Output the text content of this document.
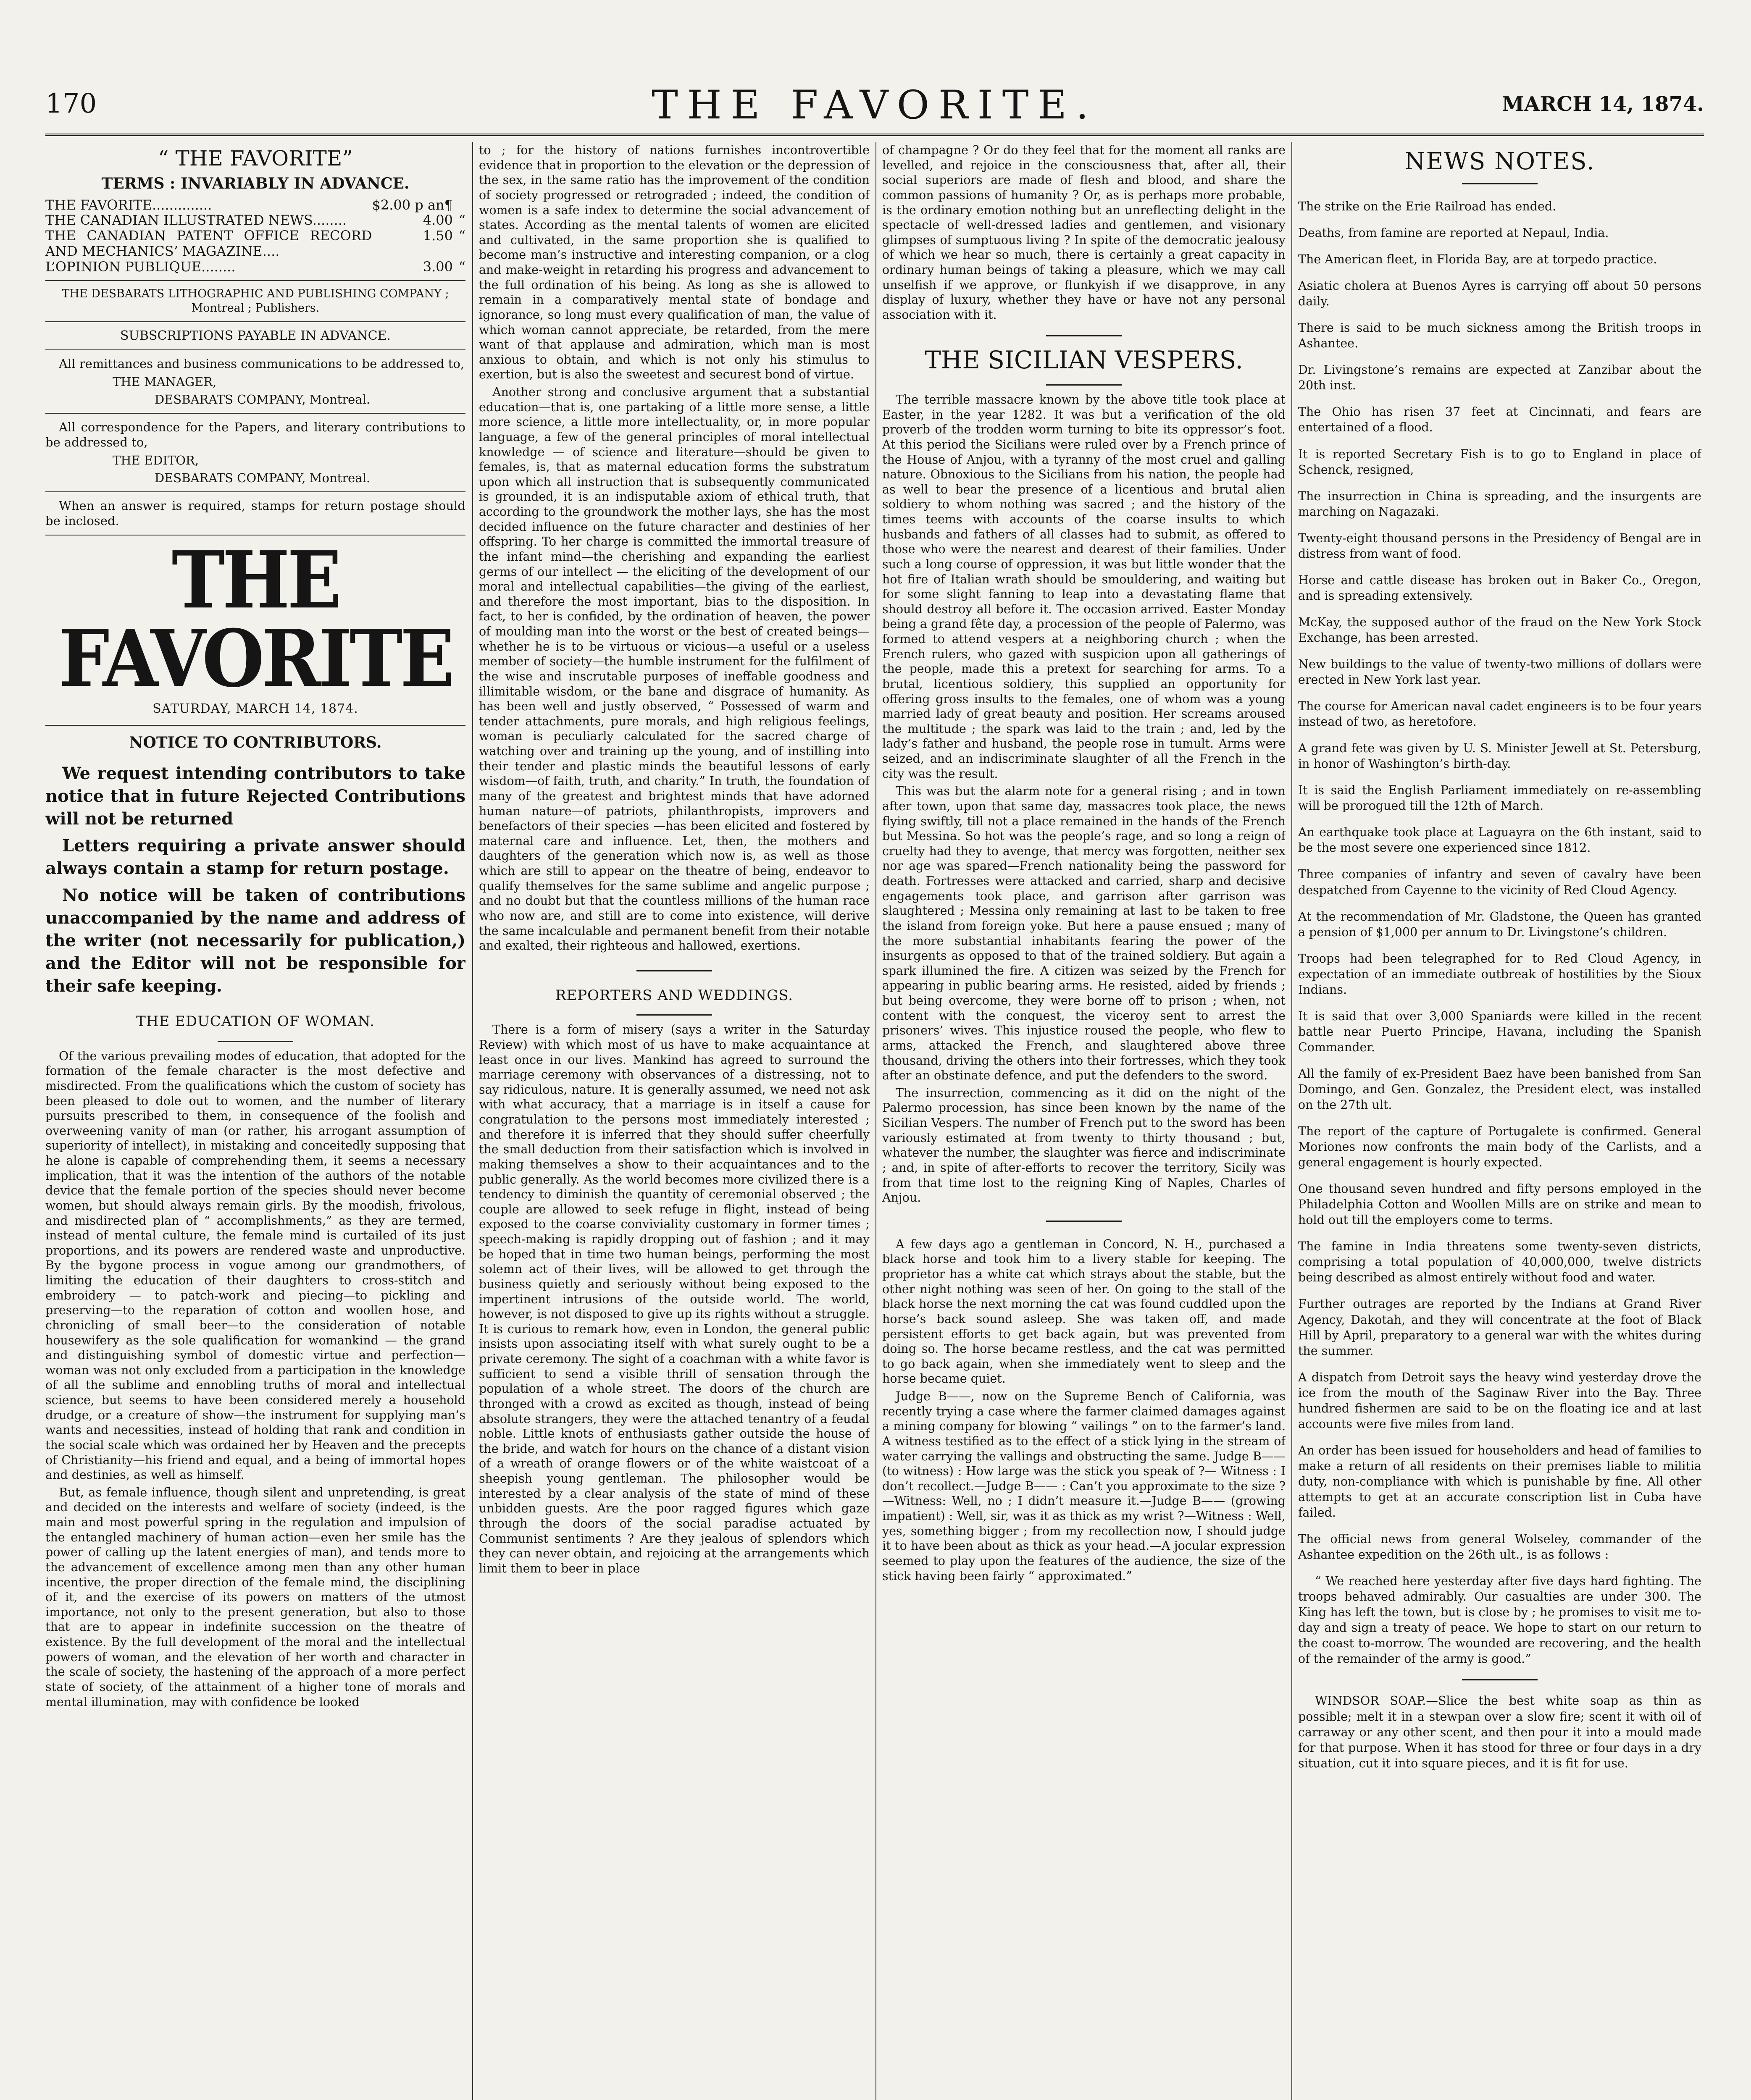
170	THE FAVORITE.	MARCH 14, 1874.
“ THE FAVORITE”
TERMS : INVARIABLY IN ADVANCE.
THE FAVORITE..............	$2.00 p an¶	
THE CANADIAN ILLUSTRATED NEWS........	4.00	“
THE CANADIAN PATENT OFFICE RECORD AND MECHANICS’ MAGAZINE....	1.50	“
L’OPINION PUBLIQUE........	3.00	“
THE DESBARATS LITHOGRAPHIC AND PUBLISHING COMPANY ; Montreal ; Publishers.
SUBSCRIPTIONS PAYABLE IN ADVANCE.

All remittances and business communications to be addressed to,

THE MANAGER,

DESBARATS COMPANY, Montreal.

All correspondence for the Papers, and literary contributions to be addressed to,

THE EDITOR,

DESBARATS COMPANY, Montreal.

When an answer is required, stamps for return postage should be inclosed.

THE FAVORITE
SATURDAY, MARCH 14, 1874.
NOTICE TO CONTRIBUTORS.

We request intending contributors to take notice that in future Rejected Contributions will not be returned

Letters requiring a private answer should always contain a stamp for return postage.

No notice will be taken of contributions unaccompanied by the name and address of the writer (not necessarily for publication,) and the Editor will not be responsible for their safe keeping.

THE EDUCATION OF WOMAN.

Of the various prevailing modes of education, that adopted for the formation of the female character is the most defective and misdirected. From the qualifications which the custom of society has been pleased to dole out to women, and the number of literary pursuits prescribed to them, in consequence of the foolish and overweening vanity of man (or rather, his arrogant assumption of superiority of intellect), in mistaking and conceitedly supposing that he alone is capable of comprehending them, it seems a necessary implication, that it was the intention of the authors of the notable device that the female portion of the species should never become women, but should always remain girls. By the moodish, frivolous, and misdirected plan of “ accomplishments,” as they are termed, instead of mental culture, the female mind is curtailed of its just proportions, and its powers are rendered waste and unproductive. By the bygone process in vogue among our grandmothers, of limiting the education of their daughters to cross-stitch and embroidery — to patch-work and piecing—to pickling and preserving—to the reparation of cotton and woollen hose, and chronicling of small beer—to the consideration of notable housewifery as the sole qualification for womankind — the grand and distinguishing symbol of domestic virtue and perfection—woman was not only excluded from a participation in the knowledge of all the sublime and ennobling truths of moral and intellectual science, but seems to have been considered merely a household drudge, or a creature of show—the instrument for supplying man’s wants and necessities, instead of holding that rank and condition in the social scale which was ordained her by Heaven and the precepts of Christianity—his friend and equal, and a being of immortal hopes and destinies, as well as himself.

But, as female influence, though silent and unpretending, is great and decided on the interests and welfare of society (indeed, is the main and most powerful spring in the regulation and impulsion of the entangled machinery of human action—even her smile has the power of calling up the latent energies of man), and tends more to the advancement of excellence among men than any other human incentive, the proper direction of the female mind, the disciplining of it, and the exercise of its powers on matters of the utmost importance, not only to the present generation, but also to those that are to appear in indefinite succession on the theatre of existence. By the full development of the moral and the intellectual powers of woman, and the elevation of her worth and character in the scale of society, the hastening of the approach of a more perfect state of society, of the attainment of a higher tone of morals and mental illumination, may with confidence be looked

to ; for the history of nations furnishes incontrovertible evidence that in proportion to the elevation or the depression of the sex, in the same ratio has the improvement of the condition of society progressed or retrograded ; indeed, the condition of women is a safe index to determine the social advancement of states. According as the mental talents of women are elicited and cultivated, in the same proportion she is qualified to become man’s instructive and interesting companion, or a clog and make-weight in retarding his progress and advancement to the full ordination of his being. As long as she is allowed to remain in a comparatively mental state of bondage and ignorance, so long must every qualification of man, the value of which woman cannot appreciate, be retarded, from the mere want of that applause and admiration, which man is most anxious to obtain, and which is not only his stimulus to exertion, but is also the sweetest and securest bond of virtue.

Another strong and conclusive argument that a substantial education—that is, one partaking of a little more sense, a little more science, a little more intellectuality, or, in more popular language, a few of the general principles of moral intellectual knowledge — of science and literature—should be given to females, is, that as maternal education forms the substratum upon which all instruction that is subsequently communicated is grounded, it is an indisputable axiom of ethical truth, that according to the groundwork the mother lays, she has the most decided influence on the future character and destinies of her offspring. To her charge is committed the immortal treasure of the infant mind—the cherishing and expanding the earliest germs of our intellect — the eliciting of the development of our moral and intellectual capabilities—the giving of the earliest, and therefore the most important, bias to the disposition. In fact, to her is confided, by the ordination of heaven, the power of moulding man into the worst or the best of created beings—whether he is to be virtuous or vicious—a useful or a useless member of society—the humble instrument for the fulfilment of the wise and inscrutable purposes of ineffable goodness and illimitable wisdom, or the bane and disgrace of humanity. As has been well and justly observed, “ Possessed of warm and tender attachments, pure morals, and high religious feelings, woman is peculiarly calculated for the sacred charge of watching over and training up the young, and of instilling into their tender and plastic minds the beautiful lessons of early wisdom—of faith, truth, and charity.” In truth, the foundation of many of the greatest and brightest minds that have adorned human nature—of patriots, philanthropists, improvers and benefactors of their species —has been elicited and fostered by maternal care and influence. Let, then, the mothers and daughters of the generation which now is, as well as those which are still to appear on the theatre of being, endeavor to qualify themselves for the same sublime and angelic purpose ; and no doubt but that the countless millions of the human race who now are, and still are to come into existence, will derive the same incalculable and permanent benefit from their notable and exalted, their righteous and hallowed, exertions.

REPORTERS AND WEDDINGS.

There is a form of misery (says a writer in the Saturday Review) with which most of us have to make acquaintance at least once in our lives. Mankind has agreed to surround the marriage ceremony with observances of a distressing, not to say ridiculous, nature. It is generally assumed, we need not ask with what accuracy, that a marriage is in itself a cause for congratulation to the persons most immediately interested ; and therefore it is inferred that they should suffer cheerfully the small deduction from their satisfaction which is involved in making themselves a show to their acquaintances and to the public generally. As the world becomes more civilized there is a tendency to diminish the quantity of ceremonial observed ; the couple are allowed to seek refuge in flight, instead of being exposed to the coarse conviviality customary in former times ; speech-making is rapidly dropping out of fashion ; and it may be hoped that in time two human beings, performing the most solemn act of their lives, will be allowed to get through the business quietly and seriously without being exposed to the impertinent intrusions of the outside world. The world, however, is not disposed to give up its rights without a struggle. It is curious to remark how, even in London, the general public insists upon associating itself with what surely ought to be a private ceremony. The sight of a coachman with a white favor is sufficient to send a visible thrill of sensation through the population of a whole street. The doors of the church are thronged with a crowd as excited as though, instead of being absolute strangers, they were the attached tenantry of a feudal noble. Little knots of enthusiasts gather outside the house of the bride, and watch for hours on the chance of a distant vision of a wreath of orange flowers or of the white waistcoat of a sheepish young gentleman. The philosopher would be interested by a clear analysis of the state of mind of these unbidden guests. Are the poor ragged figures which gaze through the doors of the social paradise actuated by Communist sentiments ? Are they jealous of splendors which they can never obtain, and rejoicing at the arrangements which limit them to beer in place

of champagne ? Or do they feel that for the moment all ranks are levelled, and rejoice in the consciousness that, after all, their social superiors are made of flesh and blood, and share the common passions of humanity ? Or, as is perhaps more probable, is the ordinary emotion nothing but an unreflecting delight in the spectacle of well-dressed ladies and gentlemen, and visionary glimpses of sumptuous living ? In spite of the democratic jealousy of which we hear so much, there is certainly a great capacity in ordinary human beings of taking a pleasure, which we may call unselfish if we approve, or flunkyish if we disapprove, in any display of luxury, whether they have or have not any personal association with it.

THE SICILIAN VESPERS.

The terrible massacre known by the above title took place at Easter, in the year 1282. It was but a verification of the old proverb of the trodden worm turning to bite its oppressor’s foot. At this period the Sicilians were ruled over by a French prince of the House of Anjou, with a tyranny of the most cruel and galling nature. Obnoxious to the Sicilians from his nation, the people had as well to bear the presence of a licentious and brutal alien soldiery to whom nothing was sacred ; and the history of the times teems with accounts of the coarse insults to which husbands and fathers of all classes had to submit, as offered to those who were the nearest and dearest of their families. Under such a long course of oppression, it was but little wonder that the hot fire of Italian wrath should be smouldering, and waiting but for some slight fanning to leap into a devastating flame that should destroy all before it. The occasion arrived. Easter Monday being a grand fête day, a procession of the people of Palermo, was formed to attend vespers at a neighboring church ; when the French rulers, who gazed with suspicion upon all gatherings of the people, made this a pretext for searching for arms. To a brutal, licentious soldiery, this supplied an opportunity for offering gross insults to the females, one of whom was a young married lady of great beauty and position. Her screams aroused the multitude ; the spark was laid to the train ; and, led by the lady’s father and husband, the people rose in tumult. Arms were seized, and an indiscriminate slaughter of all the French in the city was the result.

This was but the alarm note for a general rising ; and in town after town, upon that same day, massacres took place, the news flying swiftly, till not a place remained in the hands of the French but Messina. So hot was the people’s rage, and so long a reign of cruelty had they to avenge, that mercy was forgotten, neither sex nor age was spared—French nationality being the password for death. Fortresses were attacked and carried, sharp and decisive engagements took place, and garrison after garrison was slaughtered ; Messina only remaining at last to be taken to free the island from foreign yoke. But here a pause ensued ; many of the more substantial inhabitants fearing the power of the insurgents as opposed to that of the trained soldiery. But again a spark illumined the fire. A citizen was seized by the French for appearing in public bearing arms. He resisted, aided by friends ; but being overcome, they were borne off to prison ; when, not content with the conquest, the viceroy sent to arrest the prisoners’ wives. This injustice roused the people, who flew to arms, attacked the French, and slaughtered above three thousand, driving the others into their fortresses, which they took after an obstinate defence, and put the defenders to the sword.

The insurrection, commencing as it did on the night of the Palermo procession, has since been known by the name of the Sicilian Vespers. The number of French put to the sword has been variously estimated at from twenty to thirty thousand ; but, whatever the number, the slaughter was fierce and indiscriminate ; and, in spite of after-efforts to recover the territory, Sicily was from that time lost to the reigning King of Naples, Charles of Anjou.

A few days ago a gentleman in Concord, N. H., purchased a black horse and took him to a livery stable for keeping. The proprietor has a white cat which strays about the stable, but the other night nothing was seen of her. On going to the stall of the black horse the next morning the cat was found cuddled upon the horse’s back sound asleep. She was taken off, and made persistent efforts to get back again, but was prevented from doing so. The horse became restless, and the cat was permitted to go back again, when she immediately went to sleep and the horse became quiet.

Judge B——, now on the Supreme Bench of California, was recently trying a case where the farmer claimed damages against a mining company for blowing “ vailings ” on to the farmer’s land. A witness testified as to the effect of a stick lying in the stream of water carrying the vallings and obstructing the same. Judge B—— (to witness) : How large was the stick you speak of ?— Witness : I don’t recollect.—Judge B—— : Can’t you approximate to the size ?—Witness: Well, no ; I didn’t measure it.—Judge B—— (growing impatient) : Well, sir, was it as thick as my wrist ?—Witness : Well, yes, something bigger ; from my recollection now, I should judge it to have been about as thick as your head.—A jocular expression seemed to play upon the features of the audience, the size of the stick having been fairly “ approximated.”

NEWS NOTES.

The strike on the Erie Railroad has ended.

Deaths, from famine are reported at Nepaul, India.

The American fleet, in Florida Bay, are at torpedo practice.

Asiatic cholera at Buenos Ayres is carrying off about 50 persons daily.

There is said to be much sickness among the British troops in Ashantee.

Dr. Livingstone’s remains are expected at Zanzibar about the 20th inst.

The Ohio has risen 37 feet at Cincinnati, and fears are entertained of a flood.

It is reported Secretary Fish is to go to England in place of Schenck, resigned,

The insurrection in China is spreading, and the insurgents are marching on Nagazaki.

Twenty-eight thousand persons in the Presidency of Bengal are in distress from want of food.

Horse and cattle disease has broken out in Baker Co., Oregon, and is spreading extensively.

McKay, the supposed author of the fraud on the New York Stock Exchange, has been arrested.

New buildings to the value of twenty-two millions of dollars were erected in New York last year.

The course for American naval cadet engineers is to be four years instead of two, as heretofore.

A grand fete was given by U. S. Minister Jewell at St. Petersburg, in honor of Washington’s birth-day.

It is said the English Parliament immediately on re-assembling will be prorogued till the 12th of March.

An earthquake took place at Laguayra on the 6th instant, said to be the most severe one experienced since 1812.

Three companies of infantry and seven of cavalry have been despatched from Cayenne to the vicinity of Red Cloud Agency.

At the recommendation of Mr. Gladstone, the Queen has granted a pension of $1,000 per annum to Dr. Livingstone’s children.

Troops had been telegraphed for to Red Cloud Agency, in expectation of an immediate outbreak of hostilities by the Sioux Indians.

It is said that over 3,000 Spaniards were killed in the recent battle near Puerto Principe, Havana, including the Spanish Commander.

All the family of ex-President Baez have been banished from San Domingo, and Gen. Gonzalez, the President elect, was installed on the 27th ult.

The report of the capture of Portugalete is confirmed. General Moriones now confronts the main body of the Carlists, and a general engagement is hourly expected.

One thousand seven hundred and fifty persons employed in the Philadelphia Cotton and Woollen Mills are on strike and mean to hold out till the employers come to terms.

The famine in India threatens some twenty-seven districts, comprising a total population of 40,000,000, twelve districts being described as almost entirely without food and water.

Further outrages are reported by the Indians at Grand River Agency, Dakotah, and they will concentrate at the foot of Black Hill by April, preparatory to a general war with the whites during the summer.

A dispatch from Detroit says the heavy wind yesterday drove the ice from the mouth of the Saginaw River into the Bay. Three hundred fishermen are said to be on the floating ice and at last accounts were five miles from land.

An order has been issued for householders and head of families to make a return of all residents on their premises liable to militia duty, non-compliance with which is punishable by fine. All other attempts to get at an accurate conscription list in Cuba have failed.

The official news from general Wolseley, commander of the Ashantee expedition on the 26th ult., is as follows :

“ We reached here yesterday after five days hard fighting. The troops behaved admirably. Our casualties are under 300. The King has left the town, but is close by ; he promises to visit me to-day and sign a treaty of peace. We hope to start on our return to the coast to-morrow. The wounded are recovering, and the health of the remainder of the army is good.”

WINDSOR SOAP.—Slice the best white soap as thin as possible; melt it in a stewpan over a slow fire; scent it with oil of carraway or any other scent, and then pour it into a mould made for that purpose. When it has stood for three or four days in a dry situation, cut it into square pieces, and it is fit for use.
